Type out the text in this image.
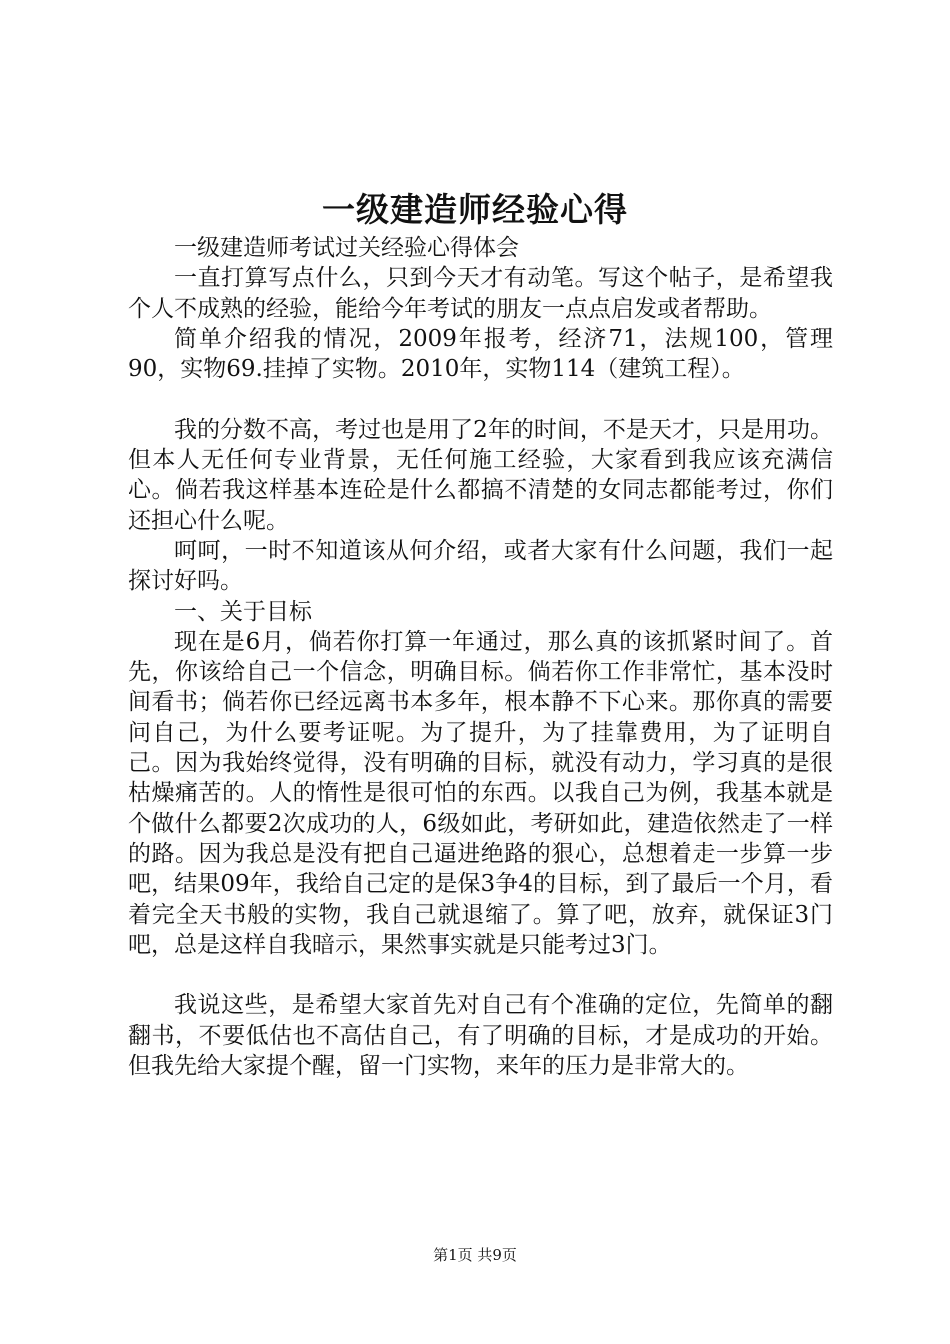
一级建造师经验心得

一级建造师考试过关经验心得体会

一直打算写点什么，只到今天才有动笔。写这个帖子，是希望我个人不成熟的经验，能给今年考试的朋友一点点启发或者帮助。

简单介绍我的情况，2009年报考，经济71，法规100，管理90，实物69.挂掉了实物。2010年，实物114（建筑工程）。

我的分数不高，考过也是用了2年的时间，不是天才，只是用功。但本人无任何专业背景，无任何施工经验，大家看到我应该充满信心。倘若我这样基本连砼是什么都搞不清楚的女同志都能考过，你们还担心什么呢。

呵呵，一时不知道该从何介绍，或者大家有什么问题，我们一起探讨好吗。

一、关于目标

现在是6月，倘若你打算一年通过，那么真的该抓紧时间了。首先，你该给自己一个信念，明确目标。倘若你工作非常忙，基本没时间看书；倘若你已经远离书本多年，根本静不下心来。那你真的需要问自己，为什么要考证呢。为了提升，为了挂靠费用，为了证明自己。因为我始终觉得，没有明确的目标，就没有动力，学习真的是很枯燥痛苦的。人的惰性是很可怕的东西。以我自己为例，我基本就是个做什么都要2次成功的人，6级如此，考研如此，建造依然走了一样的路。因为我总是没有把自己逼进绝路的狠心，总想着走一步算一步吧，结果09年，我给自己定的是保3争4的目标，到了最后一个月，看着完全天书般的实物，我自己就退缩了。算了吧，放弃，就保证3门吧，总是这样自我暗示，果然事实就是只能考过3门。

我说这些，是希望大家首先对自己有个准确的定位，先简单的翻翻书，不要低估也不高估自己，有了明确的目标，才是成功的开始。但我先给大家提个醒，留一门实物，来年的压力是非常大的。

第1页 共9页
